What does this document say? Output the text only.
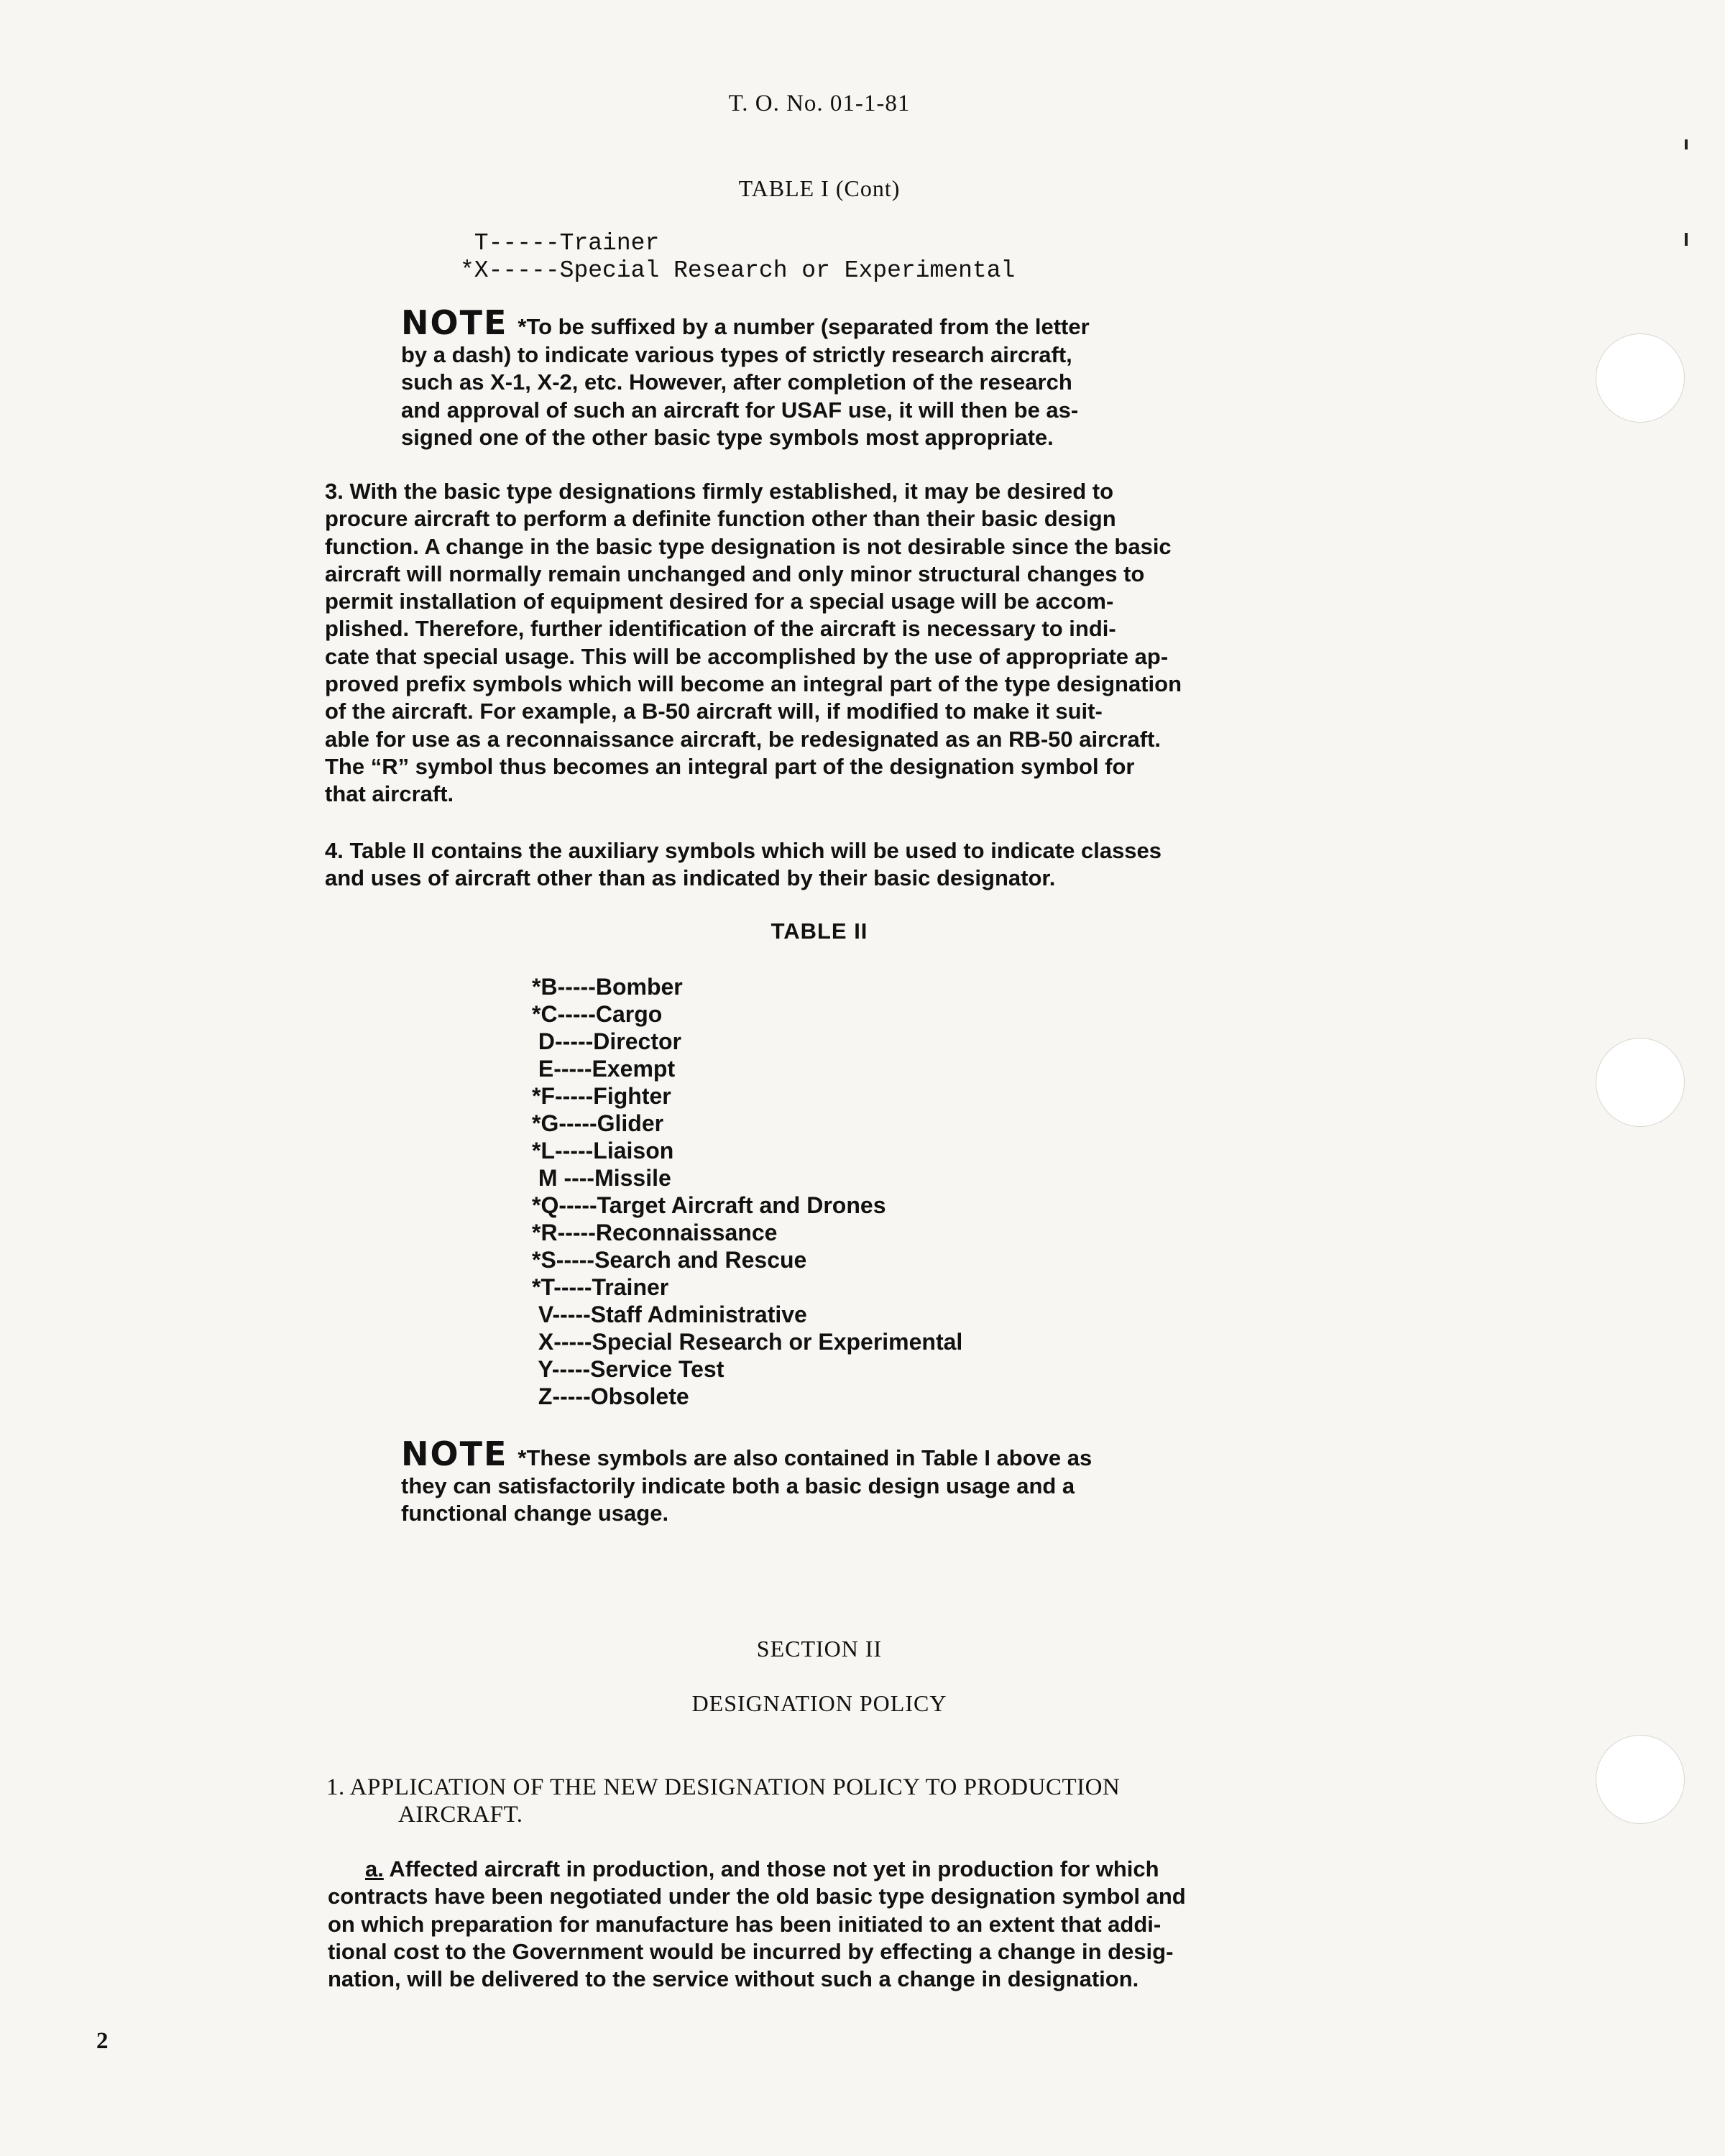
T. O. No. 01-1-81
TABLE I (Cont)
T-----Trainer
*X-----Special Research or Experimental

NOTE *To be suffixed by a number (separated from the letter

by a dash) to indicate various types of strictly research aircraft,

such as X-1, X-2, etc. However, after completion of the research

and approval of such an aircraft for USAF use, it will then be as-

signed one of the other basic type symbols most appropriate.

3. With the basic type designations firmly established, it may be desired to

procure aircraft to perform a definite function other than their basic design

function. A change in the basic type designation is not desirable since the basic

aircraft will normally remain unchanged and only minor structural changes to

permit installation of equipment desired for a special usage will be accom-

plished. Therefore, further identification of the aircraft is necessary to indi-

cate that special usage. This will be accomplished by the use of appropriate ap-

proved prefix symbols which will become an integral part of the type designation

of the aircraft. For example, a B-50 aircraft will, if modified to make it suit-

able for use as a reconnaissance aircraft, be redesignated as an RB-50 aircraft.

The “R” symbol thus becomes an integral part of the designation symbol for

that aircraft.

4. Table II contains the auxiliary symbols which will be used to indicate classes

and uses of aircraft other than as indicated by their basic designator.

TABLE II
*B-----Bomber
*C-----Cargo
D-----Director
E-----Exempt
*F-----Fighter
*G-----Glider
*L-----Liaison
M ----Missile
*Q-----Target Aircraft and Drones
*R-----Reconnaissance
*S-----Search and Rescue
*T-----Trainer
V-----Staff Administrative
X-----Special Research or Experimental
Y-----Service Test
Z-----Obsolete

NOTE *These symbols are also contained in Table I above as

they can satisfactorily indicate both a basic design usage and a

functional change usage.

SECTION II
DESIGNATION POLICY

1. APPLICATION OF THE NEW DESIGNATION POLICY TO PRODUCTION

AIRCRAFT.

a. Affected aircraft in production, and those not yet in production for which

contracts have been negotiated under the old basic type designation symbol and

on which preparation for manufacture has been initiated to an extent that addi-

tional cost to the Government would be incurred by effecting a change in desig-

nation, will be delivered to the service without such a change in designation.

2
